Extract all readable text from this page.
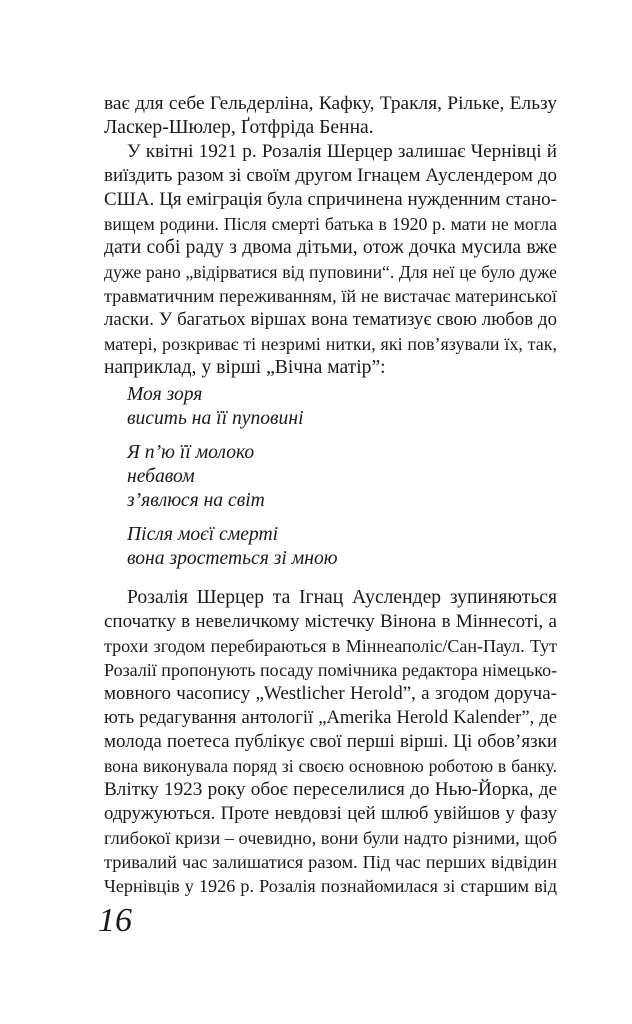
ває для себе Гельдерліна, Кафку, Тракля, Рільке, Ельзу
Ласкер-Шюлер, Ґотфріда Бенна.
У квітні 1921 р. Розалія Шерцер залишає Чернівці й
виїздить разом зі своїм другом Ігнацем Ауслендером до
США. Ця еміграція була спричинена нужденним стано-
вищем родини. Після смерті батька в 1920 р. мати не могла
дати собі раду з двома дітьми, отож дочка мусила вже
дуже рано „відірватися від пуповини“. Для неї це було дуже
травматичним переживанням, їй не вистачає материнської
ласки. У багатьох віршах вона тематизує свою любов до
матері, розкриває ті незримі нитки, які пов’язували їх, так,
наприклад, у вірші „Вічна матір”:
Моя зоря
висить на її пуповині
Я п’ю її молоко
небавом
з’явлюся на світ
Після моєї смерті
вона зростеться зі мною
Розалія Шерцер та Ігнац Ауслендер зупиняються
спочатку в невеличкому містечку Вінона в Міннесоті, а
трохи згодом перебираються в Міннеаполіс/Сан-Паул. Тут
Розалії пропонують посаду помічника редактора німецько-
мовного часопису „Westlicher Herold”, а згодом доруча-
ють редагування антології „Amerika Herold Kalender”, де
молода поетеса публікує свої перші вірші. Ці обов’язки
вона виконувала поряд зі своєю основною роботою в банку.
Влітку 1923 року обоє переселилися до Нью-Йорка, де
одружуються. Проте невдовзі цей шлюб увійшов у фазу
глибокої кризи – очевидно, вони були надто різними, щоб
тривалий час залишатися разом. Під час перших відвідин
Чернівців у 1926 р. Розалія познайомилася зі старшим від
16
